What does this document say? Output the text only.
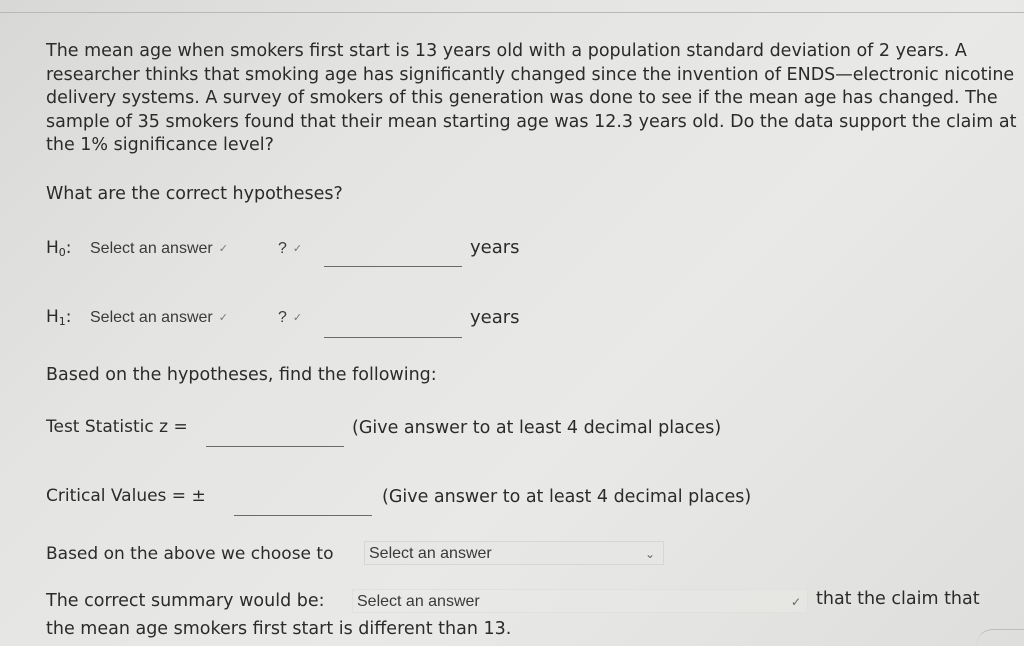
The mean age when smokers first start is 13 years old with a population standard deviation of 2 years. A researcher thinks that smoking age has significantly changed since the invention of ENDS—electronic nicotine delivery systems. A survey of smokers of this generation was done to see if the mean age has changed. The sample of 35 smokers found that their mean starting age was 12.3 years old. Do the data support the claim at the 1% significance level?
What are the correct hypotheses?
$H_0$: Select an answer ✓	? ✓	years
$H_1$: Select an answer ✓	? ✓	years
Based on the hypotheses, find the following:
Test Statistic z =	(Give answer to at least 4 decimal places)
Critical Values = ±	(Give answer to at least 4 decimal places)
Based on the above we choose to Select an answer	⌄
The correct summary would be: Select an answer	✓ that the claim that
the mean age smokers first start is different than 13.
